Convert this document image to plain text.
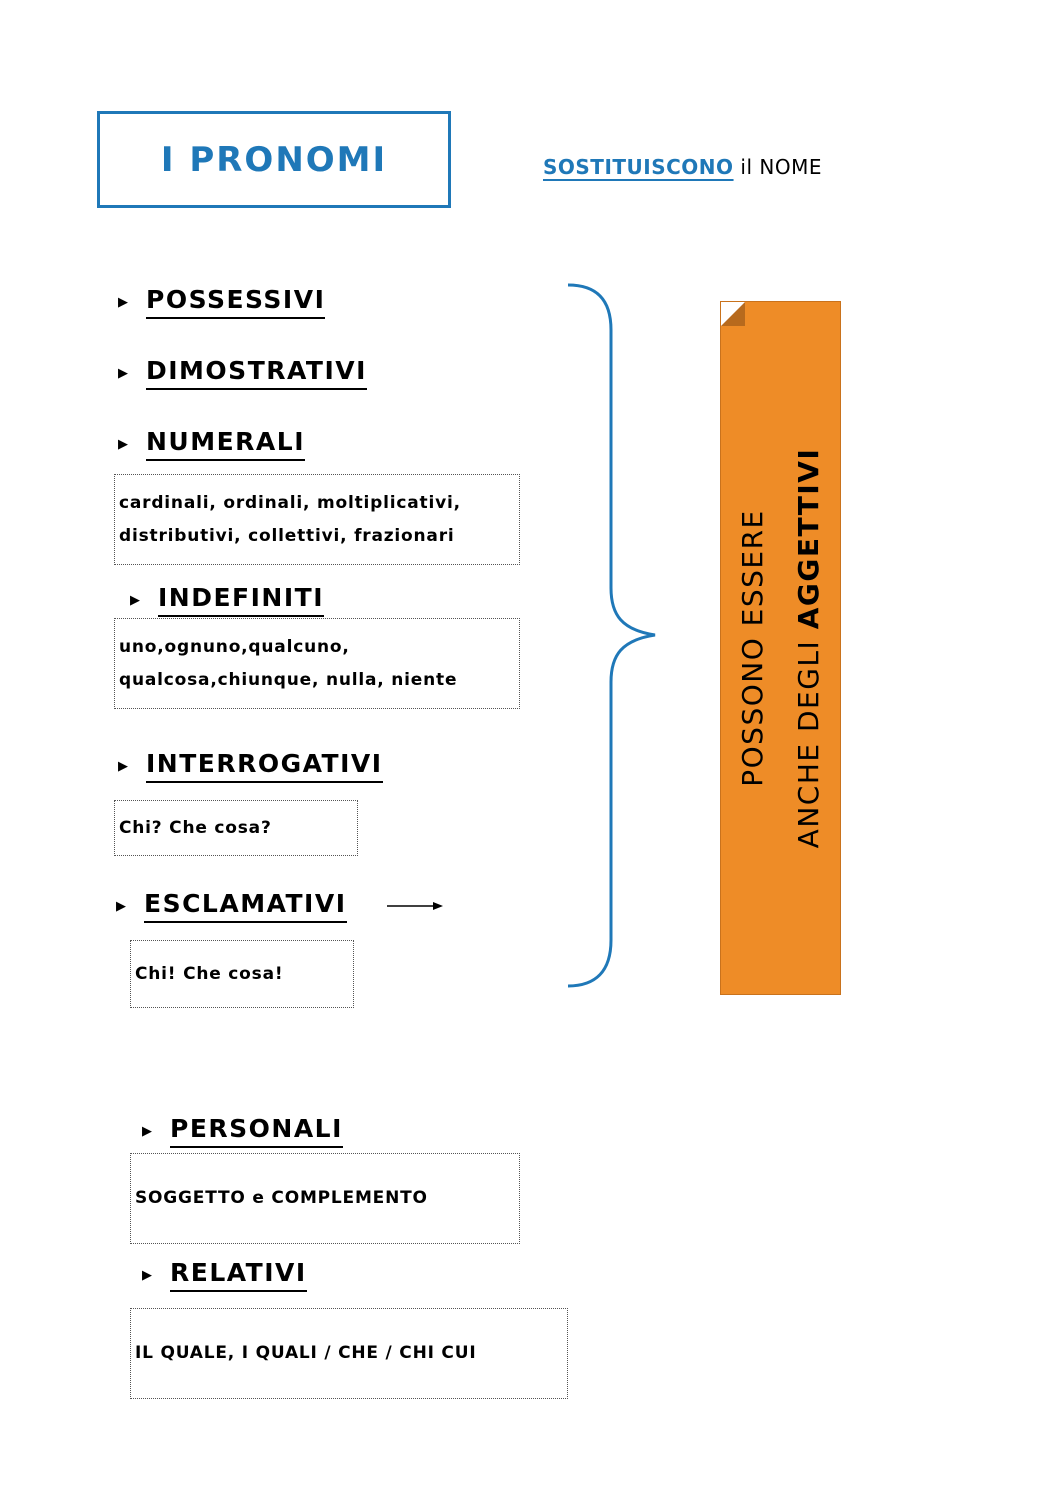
I PRONOMI	SOSTITUISCONO il NOME
▶ POSSESSIVI
▶ DIMOSTRATIVI
▶ NUMERALI
cardinali, ordinali, moltiplicativi,
distributivi, collettivi, frazionari
▶ INDEFINITI
uno,ognuno,qualcuno,
qualcosa,chiunque, nulla, niente
▶ INTERROGATIVI
Chi? Che cosa?
▶ ESCLAMATIVI
Chi! Che cosa!
POSSONO ESSERE ANCHE DEGLI AGGETTIVI
▶ PERSONALI
SOGGETTO e COMPLEMENTO
▶ RELATIVI
IL QUALE, I QUALI / CHE / CHI CUI
